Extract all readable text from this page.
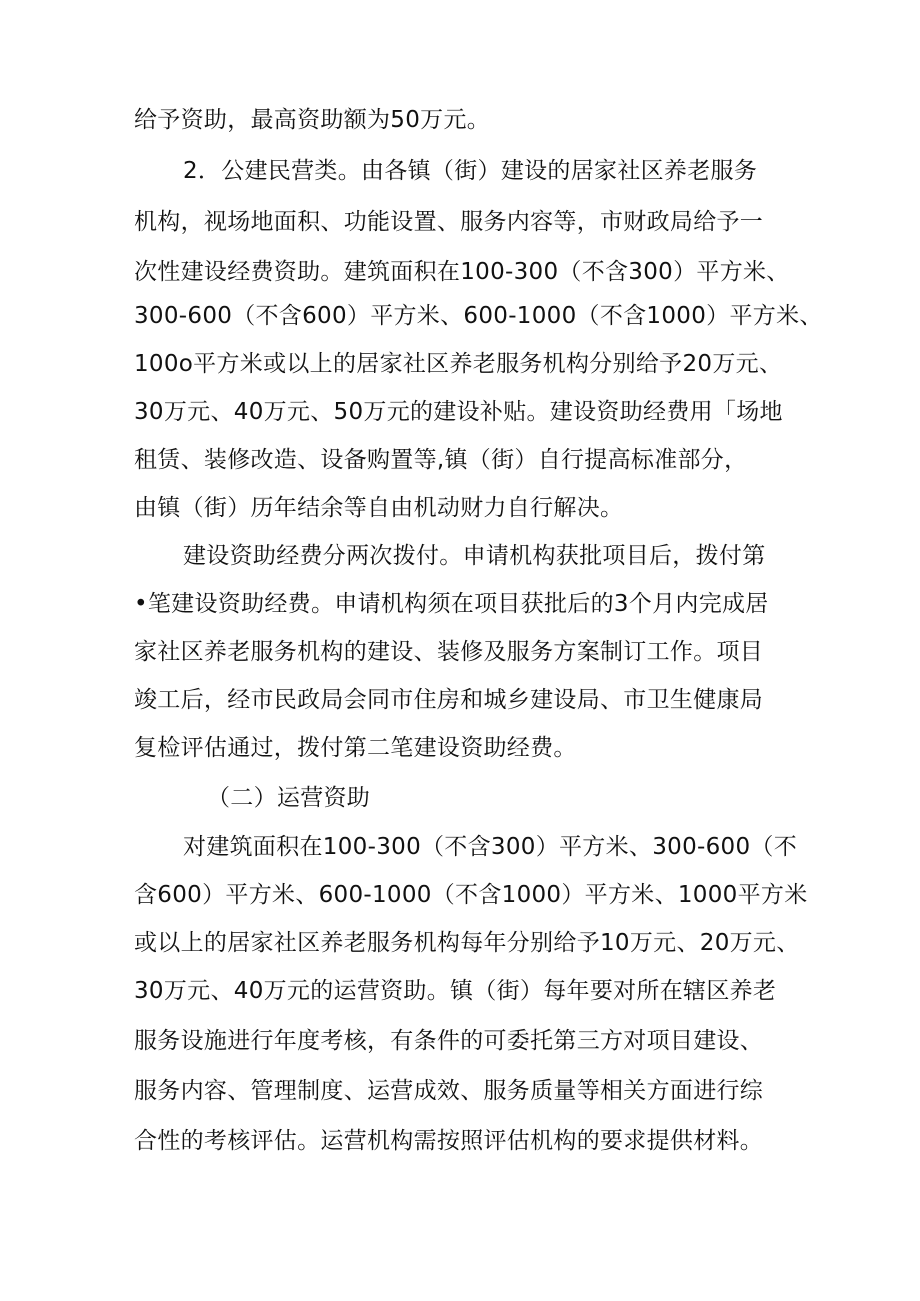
给予资助，最高资助额为50万元。

2．公建民营类。由各镇（街）建设的居家社区养老服务

机构，视场地面积、功能设置、服务内容等，市财政局给予一

次性建设经费资助。建筑面积在100-300（不含300）平方米、

300-600（不含600）平方米、600-1000（不含1000）平方米、

100o平方米或以上的居家社区养老服务机构分别给予20万元、

30万元、40万元、50万元的建设补贴。建设资助经费用「场地

租赁、装修改造、设备购置等,镇（街）自行提高标准部分，

由镇（街）历年结余等自由机动财力自行解决。

建设资助经费分两次拨付。申请机构获批项目后，拨付第

•笔建设资助经费。申请机构须在项目获批后的3个月内完成居

家社区养老服务机构的建设、装修及服务方案制订工作。项目

竣工后，经市民政局会同市住房和城乡建设局、市卫生健康局

复检评估通过，拨付第二笔建设资助经费。

（二）运营资助

对建筑面积在100-300（不含300）平方米、300-600（不

含600）平方米、600-1000（不含1000）平方米、1000平方米

或以上的居家社区养老服务机构每年分别给予10万元、20万元、

30万元、40万元的运营资助。镇（街）每年要对所在辖区养老

服务设施进行年度考核，有条件的可委托第三方对项目建设、

服务内容、管理制度、运营成效、服务质量等相关方面进行综

合性的考核评估。运营机构需按照评估机构的要求提供材料。
